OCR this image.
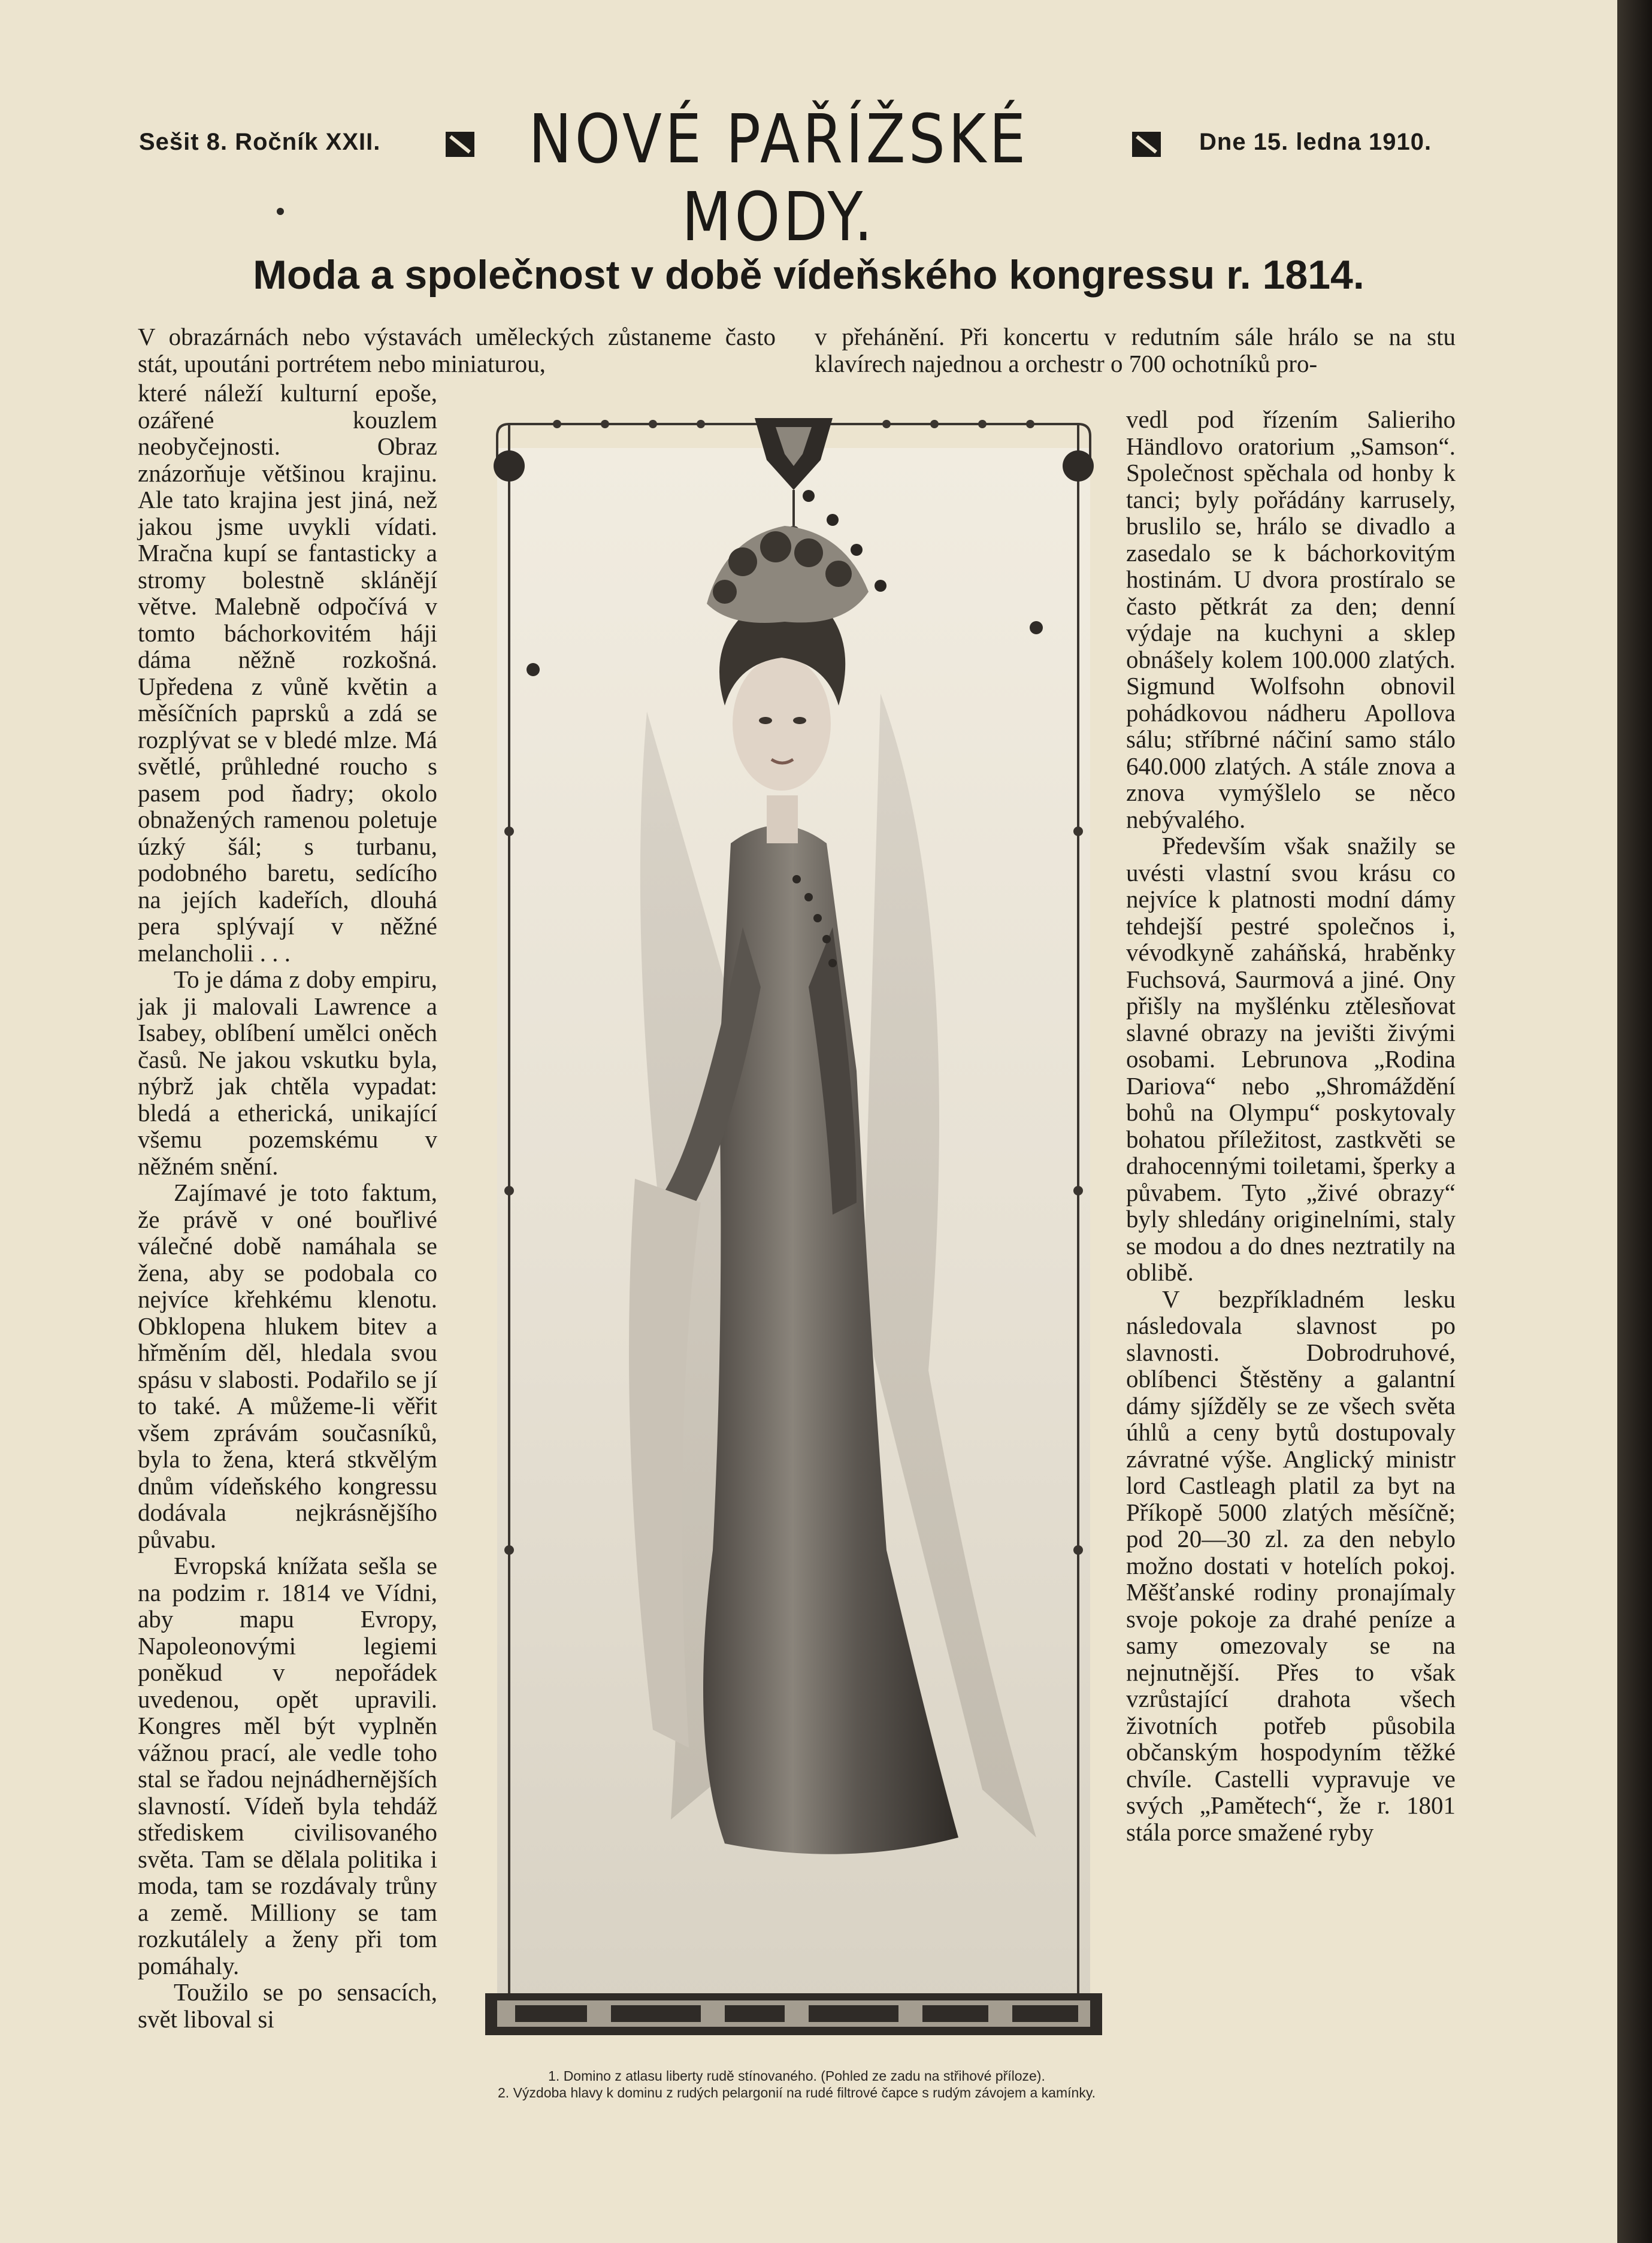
Sešit 8. Ročník XXII.	NOVÉ PAŘÍŽSKÉ MODY.
Dne 15. ledna 1910.
Moda a společnost v době vídeňského kongressu r. 1814.

V obrazárnách nebo výstavách uměleckých zůstaneme často stát, upoutáni portrétem nebo miniaturou,

v přehánění. Při koncertu v redutním sále hrálo se na stu klavírech najednou a orchestr o 700 ochotníků pro-

které náleží kulturní epoše, ozářené kouzlem neobyčejnosti. Obraz znázorňuje většinou krajinu. Ale tato krajina jest jiná, než jakou jsme uvykli vídati. Mračna kupí se fantasticky a stromy bolestně sklánějí větve. Malebně odpočívá v tomto báchorkovitém háji dáma něžně rozkošná. Upředena z vůně květin a měsíčních paprsků a zdá se rozplývat se v bledé mlze. Má světlé, průhledné roucho s pasem pod ňadry; okolo obnažených ramenou poletuje úzký šál; s turbanu, podobného baretu, sedícího na jejích kadeřích, dlouhá pera splývají v něžné melancholii . . .

To je dáma z doby empiru, jak ji malovali Lawrence a Isabey, oblíbení umělci oněch časů. Ne jakou vskutku byla, nýbrž jak chtěla vypadat: bledá a etherická, unikající všemu pozemskému v něžném snění.

Zajímavé je toto faktum, že právě v oné bouřlivé válečné době namáhala se žena, aby se podobala co nejvíce křehkému klenotu. Obklopena hlukem bitev a hřměním děl, hledala svou spásu v slabosti. Podařilo se jí to také. A můžeme-li věřit všem zprávám současníků, byla to žena, která stkvělým dnům vídeňského kongressu dodávala nejkrásnějšího půvabu.

Evropská knížata sešla se na podzim r. 1814 ve Vídni, aby mapu Evropy, Napoleonovými legiemi poněkud v nepořádek uvedenou, opět upravili. Kongres měl být vyplněn vážnou prací, ale vedle toho stal se řadou nejnádhernějších slavností. Vídeň byla tehdáž střediskem civilisovaného světa. Tam se dělala politika i moda, tam se rozdávaly trůny a země. Milliony se tam rozkutálely a ženy při tom pomáhaly.

Toužilo se po sensacích, svět liboval si

vedl pod řízením Salieriho Händlovo oratorium „Samson“. Společnost spěchala od honby k tanci; byly pořádány karrusely, bruslilo se, hrálo se divadlo a zasedalo se k báchorkovitým hostinám. U dvora prostíralo se často pětkrát za den; denní výdaje na kuchyni a sklep obnášely kolem 100.000 zlatých. Sigmund Wolfsohn obnovil pohádkovou nádheru Apollova sálu; stříbrné náčiní samo stálo 640.000 zlatých. A stále znova a znova vymýšlelo se něco nebývalého.

Především však snažily se uvésti vlastní svou krásu co nejvíce k platnosti modní dámy tehdejší pestré společnos i, vévodkyně zaháňská, hraběnky Fuchsová, Saurmová a jiné. Ony přišly na myšlénku ztělesňovat slavné obrazy na jevišti živými osobami. Lebrunova „Rodina Dariova“ nebo „Shromáždění bohů na Olympu“ poskytovaly bohatou příležitost, zastkvěti se drahocennými toiletami, šperky a půvabem. Tyto „živé obrazy“ byly shledány originelními, staly se modou a do dnes neztratily na oblibě.

V bezpříkladném lesku následovala slavnost po slavnosti. Dobrodruhové, oblíbenci Štěstěny a galantní dámy sjížděly se ze všech světa úhlů a ceny bytů dostupovaly závratné výše. Anglický ministr lord Castleagh platil za byt na Příkopě 5000 zlatých měsíčně; pod 20—30 zl. za den nebylo možno dostati v hotelích pokoj. Měšťanské rodiny pronajímaly svoje pokoje za drahé peníze a samy omezovaly se na nejnutnější. Přes to však vzrůstající drahota všech životních potřeb působila občanským hospodyním těžké chvíle. Castelli vypravuje ve svých „Pamětech“, že r. 1801 stála porce smažené ryby

1. Domino z atlasu liberty rudě stínovaného. (Pohled ze zadu na střihové příloze).
2. Výzdoba hlavy k dominu z rudých pelargonií na rudé filtrové čapce s rudým závojem a kamínky.
